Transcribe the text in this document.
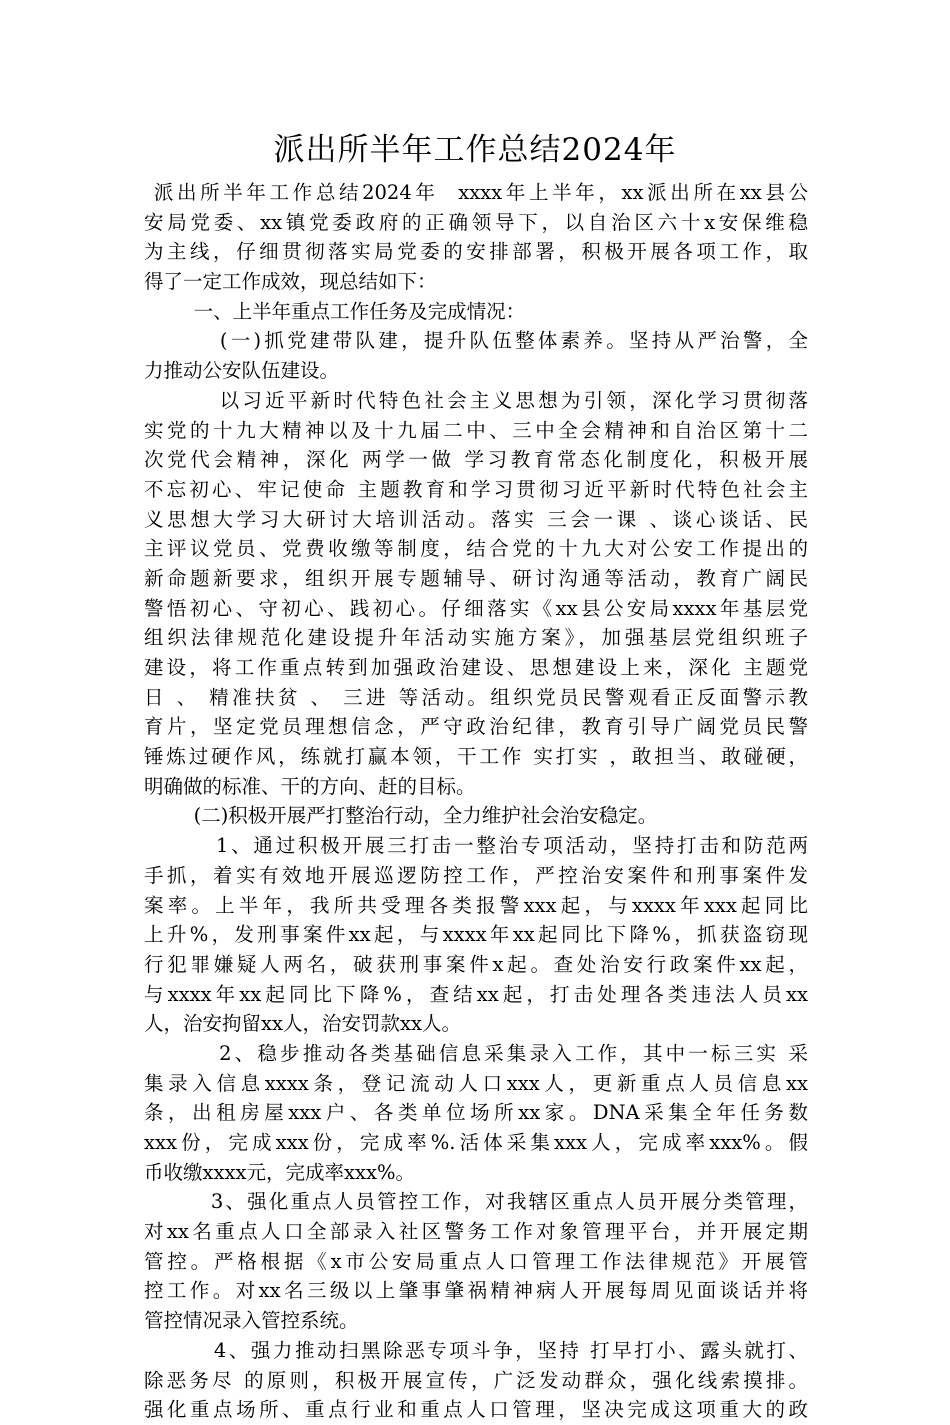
派出所半年工作总结2024年
派出所半年工作总结2024年  xxxx年上半年，xx派出所在xx县公
安局党委、xx镇党委政府的正确领导下，以自治区六十x安保维稳
为主线，仔细贯彻落实局党委的安排部署，积极开展各项工作，取
得了一定工作成效，现总结如下：
一、上半年重点工作任务及完成情况：
(一)抓党建带队建，提升队伍整体素养。坚持从严治警，全
力推动公安队伍建设。
以习近平新时代特色社会主义思想为引领，深化学习贯彻落
实党的十九大精神以及十九届二中、三中全会精神和自治区第十二
次党代会精神，深化 两学一做 学习教育常态化制度化，积极开展
不忘初心、牢记使命 主题教育和学习贯彻习近平新时代特色社会主
义思想大学习大研讨大培训活动。落实 三会一课 、谈心谈话、民
主评议党员、党费收缴等制度，结合党的十九大对公安工作提出的
新命题新要求，组织开展专题辅导、研讨沟通等活动，教育广阔民
警悟初心、守初心、践初心。仔细落实《xx县公安局xxxx年基层党
组织法律规范化建设提升年活动实施方案》，加强基层党组织班子
建设，将工作重点转到加强政治建设、思想建设上来，深化 主题党
日 、 精准扶贫 、 三进 等活动。组织党员民警观看正反面警示教
育片，坚定党员理想信念，严守政治纪律，教育引导广阔党员民警
锤炼过硬作风，练就打赢本领，干工作 实打实 ，敢担当、敢碰硬，
明确做的标准、干的方向、赶的目标。
(二)积极开展严打整治行动，全力维护社会治安稳定。
1、通过积极开展三打击一整治专项活动，坚持打击和防范两
手抓，着实有效地开展巡逻防控工作，严控治安案件和刑事案件发
案率。上半年，我所共受理各类报警xxx起，与xxxx年xxx起同比
上升%，发刑事案件xx起，与xxxx年xx起同比下降%，抓获盗窃现
行犯罪嫌疑人两名，破获刑事案件x起。查处治安行政案件xx起，
与xxxx年xx起同比下降%，查结xx起，打击处理各类违法人员xx
人，治安拘留xx人，治安罚款xx人。
2、稳步推动各类基础信息采集录入工作，其中一标三实 采
集录入信息xxxx条，登记流动人口xxx人，更新重点人员信息xx
条，出租房屋xxx户、各类单位场所xx家。DNA采集全年任务数
xxx份，完成xxx份，完成率%.活体采集xxx人，完成率xxx%。假
币收缴xxxx元，完成率xxx%。
3、强化重点人员管控工作，对我辖区重点人员开展分类管理，
对xx名重点人口全部录入社区警务工作对象管理平台，并开展定期
管控。严格根据《x市公安局重点人口管理工作法律规范》开展管
控工作。对xx名三级以上肇事肇祸精神病人开展每周见面谈话并将
管控情况录入管控系统。
4、强力推动扫黑除恶专项斗争，坚持 打早打小、露头就打、
除恶务尽 的原则，积极开展宣传，广泛发动群众，强化线索摸排。
强化重点场所、重点行业和重点人口管理，坚决完成这项重大的政
